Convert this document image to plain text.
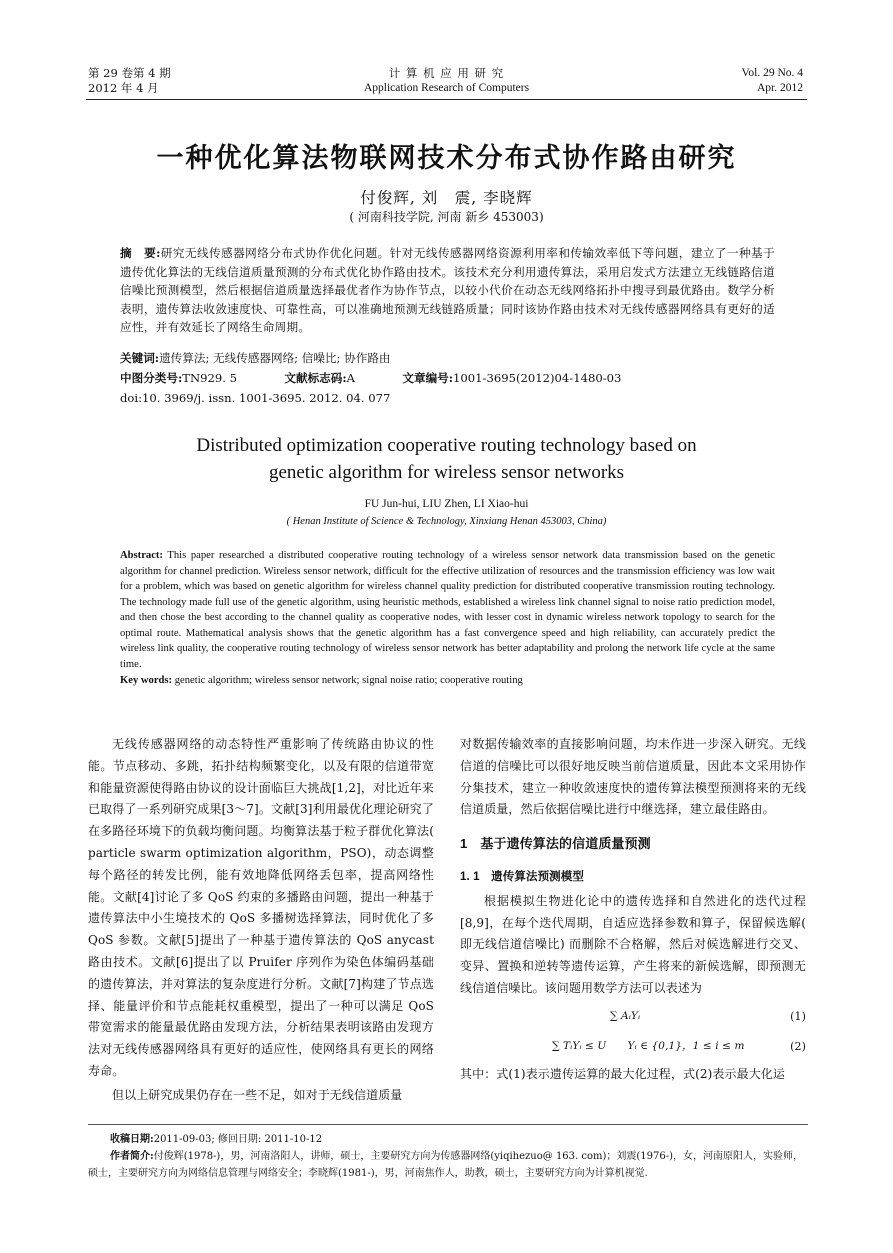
第 29 卷第 4 期
2012 年 4 月
计 算 机 应 用 研 究
Application Research of Computers
Vol. 29 No. 4
Apr. 2012
一种优化算法物联网技术分布式协作路由研究
付俊辉, 刘　震, 李晓辉
( 河南科技学院, 河南 新乡 453003)
摘　要:研究无线传感器网络分布式协作优化问题。针对无线传感器网络资源利用率和传输效率低下等问题，建立了一种基于遗传优化算法的无线信道质量预测的分布式优化协作路由技术。该技术充分利用遗传算法，采用启发式方法建立无线链路信道信噪比预测模型，然后根据信道质量选择最优者作为协作节点，以较小代价在动态无线网络拓扑中搜寻到最优路由。数学分析表明，遗传算法收敛速度快、可靠性高，可以准确地预测无线链路质量；同时该协作路由技术对无线传感器网络具有更好的适应性，并有效延长了网络生命周期。
关键词:遗传算法; 无线传感器网络; 信噪比; 协作路由
中图分类号:TN929. 5	文献标志码:A	文章编号:1001-3695(2012)04-1480-03
doi:10. 3969/j. issn. 1001-3695. 2012. 04. 077
Distributed optimization cooperative routing technology based on
genetic algorithm for wireless sensor networks
FU Jun-hui, LIU Zhen, LI Xiao-hui
( Henan Institute of Science & Technology, Xinxiang Henan 453003, China)
Abstract: This paper researched a distributed cooperative routing technology of a wireless sensor network data transmission based on the genetic algorithm for channel prediction. Wireless sensor network, difficult for the effective utilization of resources and the transmission efficiency was low wait for a problem, which was based on genetic algorithm for wireless channel quality prediction for distributed cooperative transmission routing technology. The technology made full use of the genetic algorithm, using heuristic methods, established a wireless link channel signal to noise ratio prediction model, and then chose the best according to the channel quality as cooperative nodes, with lesser cost in dynamic wireless network topology to search for the optimal route. Mathematical analysis shows that the genetic algorithm has a fast convergence speed and high reliability, can accurately predict the wireless link quality, the cooperative routing technology of wireless sensor network has better adaptability and prolong the network life cycle at the same time.
Key words: genetic algorithm; wireless sensor network; signal noise ratio; cooperative routing
无线传感器网络的动态特性严重影响了传统路由协议的性能。节点移动、多跳，拓扑结构频繁变化，以及有限的信道带宽和能量资源使得路由协议的设计面临巨大挑战[1,2]，对比近年来已取得了一系列研究成果[3～7]。文献[3]利用最优化理论研究了在多路径环境下的负载均衡问题。均衡算法基于粒子群优化算法( particle swarm optimization algorithm，PSO)，动态调整每个路径的转发比例，能有效地降低网络丢包率，提高网络性能。文献[4]讨论了多 QoS 约束的多播路由问题，提出一种基于遗传算法中小生境技术的 QoS 多播树选择算法，同时优化了多 QoS 参数。文献[5]提出了一种基于遗传算法的 QoS anycast 路由技术。文献[6]提出了以 Pruifer 序列作为染色体编码基础的遗传算法，并对算法的复杂度进行分析。文献[7]构建了节点选择、能量评价和节点能耗权重模型，提出了一种可以满足 QoS 带宽需求的能量最优路由发现方法，分析结果表明该路由发现方法对无线传感器网络具有更好的适应性，使网络具有更长的网络寿命。
但以上研究成果仍存在一些不足，如对于无线信道质量
对数据传输效率的直接影响问题，均未作进一步深入研究。无线信道的信噪比可以很好地反映当前信道质量，因此本文采用协作分集技术，建立一种收敛速度快的遗传算法模型预测将来的无线信道质量，然后依据信噪比进行中继选择，建立最佳路由。
1　基于遗传算法的信道质量预测
1. 1　遗传算法预测模型
根据模拟生物进化论中的遗传选择和自然进化的迭代过程[8,9]，在每个迭代周期，自适应选择参数和算子，保留候选解( 即无线信道信噪比) 而删除不合格解，然后对候选解进行交叉、变异、置换和逆转等遗传运算，产生将来的新候选解，即预测无线信道信噪比。该问题用数学方法可以表述为
∑ AᵢYᵢ	(1)
∑ TᵢYᵢ ≤ U　　Yᵢ ∈ {0,1}，1 ≤ i ≤ m	(2)
其中：式(1)表示遗传运算的最大化过程，式(2)表示最大化运
收稿日期:2011-09-03; 修回日期: 2011-10-12
作者简介:付俊辉(1978-)，男，河南洛阳人，讲师，硕士，主要研究方向为传感器网络(yiqihezuo@ 163. com)；刘震(1976-)，女，河南原阳人，实验师，硕士，主要研究方向为网络信息管理与网络安全；李晓辉(1981-)，男，河南焦作人，助教，硕士，主要研究方向为计算机视觉.
